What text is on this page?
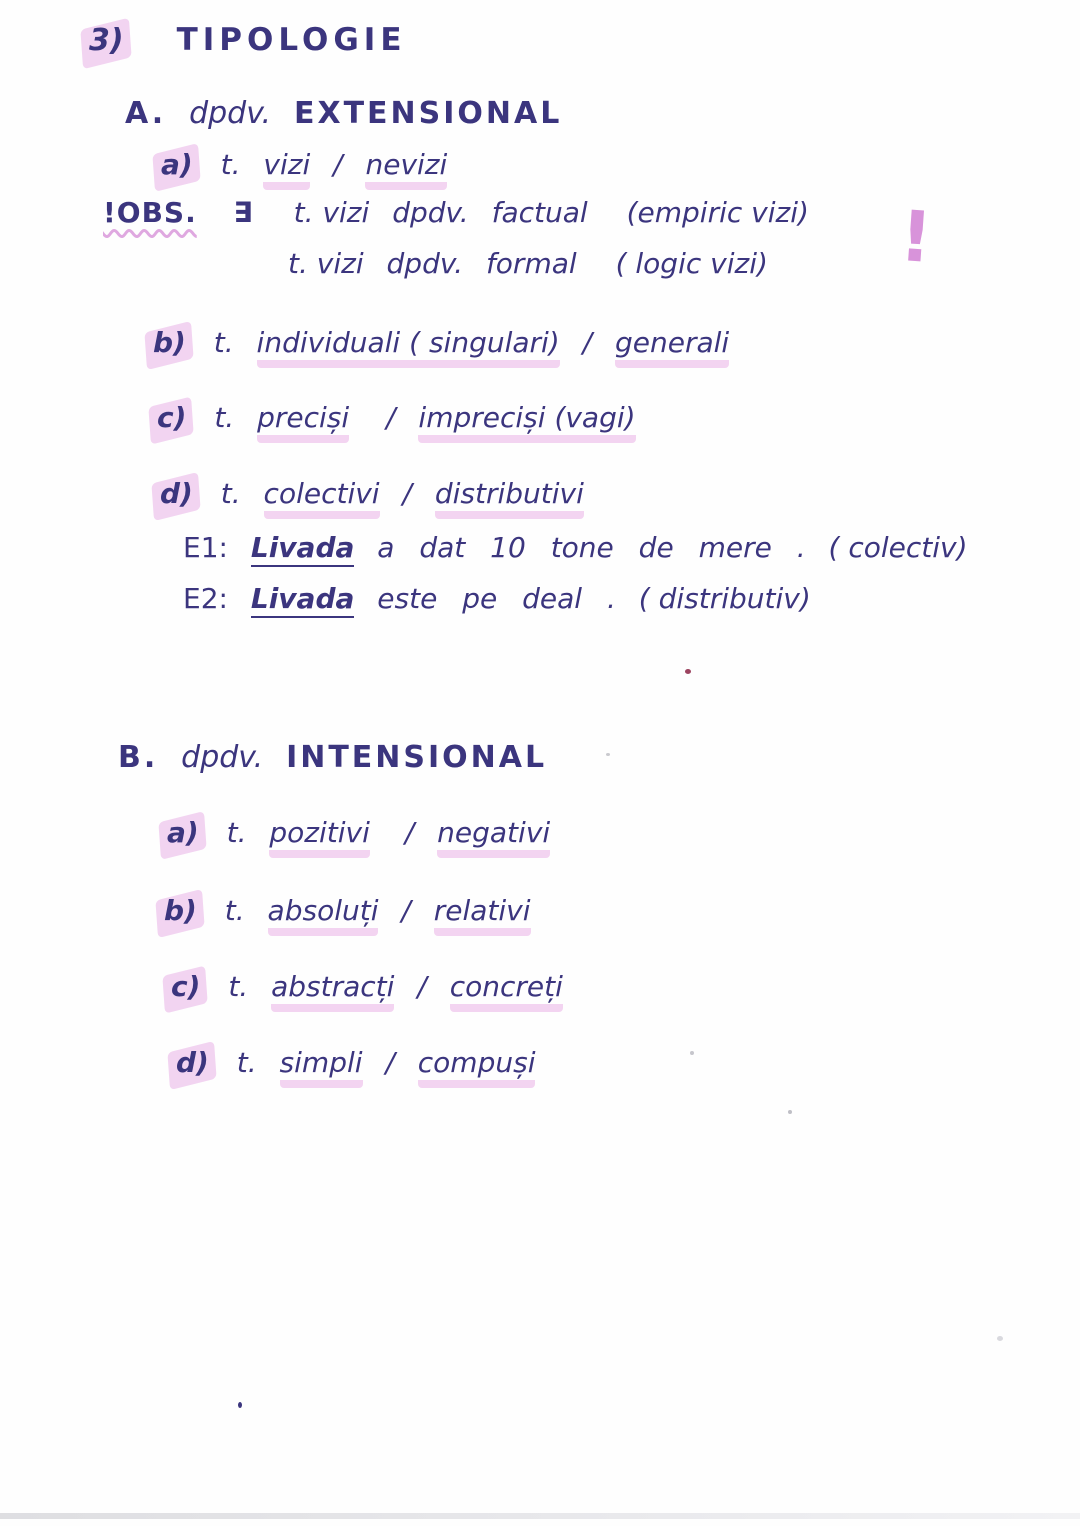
3) TIPOLOGIE
A. dpdv. EXTENSIONAL
a) t. vizi / nevizi
!OBS. ∃ t. vizi dpdv. factual (empiric vizi)
t. vizi dpdv. formal ( logic vizi) !
b) t. individuali ( singulari) / generali
c) t. preciși / impreciși (vagi)
d) t. colectivi / distributivi
E1: Livada a dat 10 tone de mere . ( colectiv)
E2: Livada este pe deal . ( distributiv)
B. dpdv. INTENSIONAL
a) t. pozitivi / negativi
b) t. absoluți / relativi
c) t. abstracți / concreți
d) t. simpli / compuși
